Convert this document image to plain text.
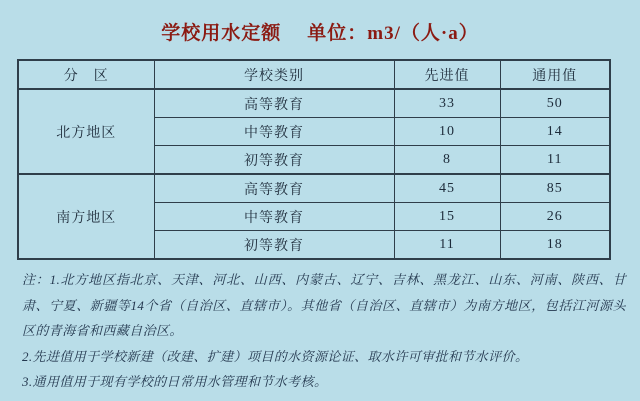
学校用水定额 单位：m3/（人·a）
分　区	学校类别	先进值	通用值
北方地区	高等教育	33	50
	中等教育	10	14
	初等教育	8	11
南方地区	高等教育	45	85
	中等教育	15	26
	初等教育	11	18
注：1.北方地区指北京、天津、河北、山西、内蒙古、辽宁、吉林、黑龙江、山东、河南、陕西、甘肃、宁夏、新疆等14个省（自治区、直辖市）。其他省（自治区、直辖市）为南方地区，包括江河源头区的青海省和西藏自治区。
2.先进值用于学校新建（改建、扩建）项目的水资源论证、取水许可审批和节水评价。
3.通用值用于现有学校的日常用水管理和节水考核。
